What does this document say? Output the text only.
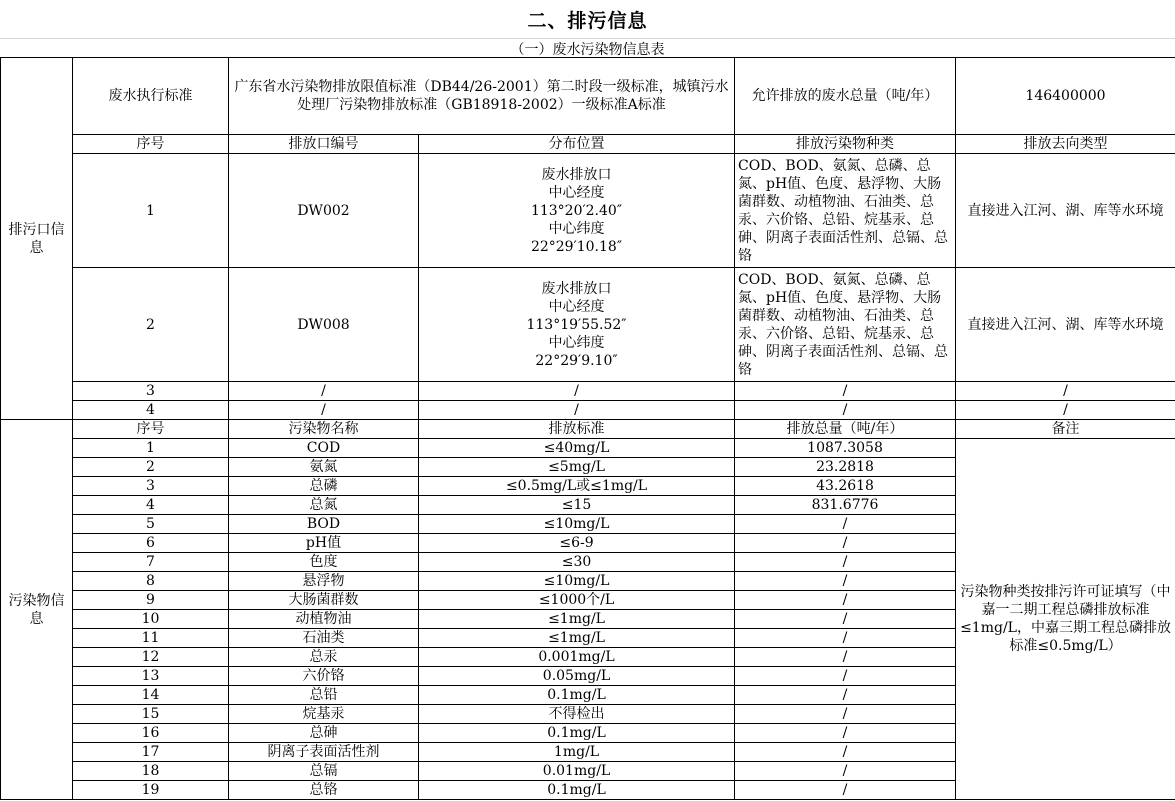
二、排污信息
（一）废水污染物信息表
排污口信息	废水执行标准	广东省水污染物排放限值标准（DB44/26-2001）第二时段一级标准，城镇污水处理厂污染物排放标准（GB18918-2002）一级标准A标准		允许排放的废水总量（吨/年）	146400000
	序号	排放口编号	分布位置	排放污染物种类	排放去向类型
	1	DW002	废水排放口
中心经度
113°20′2.40″
中心纬度
22°29′10.18″	COD、BOD、氨氮、总磷、总氮、pH值、色度、悬浮物、大肠菌群数、动植物油、石油类、总汞、六价铬、总铅、烷基汞、总砷、阴离子表面活性剂、总镉、总铬	直接进入江河、湖、库等水环境
	2	DW008	废水排放口
中心经度
113°19′55.52″
中心纬度
22°29′9.10″	COD、BOD、氨氮、总磷、总氮、pH值、色度、悬浮物、大肠菌群数、动植物油、石油类、总汞、六价铬、总铅、烷基汞、总砷、阴离子表面活性剂、总镉、总铬	直接进入江河、湖、库等水环境
	3	/	/	/	/
	4	/	/	/	/
污染物信息	序号	污染物名称	排放标准	排放总量（吨/年）	备注
	1	COD	≤40mg/L	1087.3058	污染物种类按排污许可证填写（中嘉一二期工程总磷排放标准≤1mg/L，中嘉三期工程总磷排放标准≤0.5mg/L）
	2	氨氮	≤5mg/L	23.2818	
	3	总磷	≤0.5mg/L或≤1mg/L	43.2618	
	4	总氮	≤15	831.6776	
	5	BOD	≤10mg/L	/	
	6	pH值	≤6-9	/	
	7	色度	≤30	/	
	8	悬浮物	≤10mg/L	/	
	9	大肠菌群数	≤1000个/L	/	
	10	动植物油	≤1mg/L	/	
	11	石油类	≤1mg/L	/	
	12	总汞	0.001mg/L	/	
	13	六价铬	0.05mg/L	/	
	14	总铅	0.1mg/L	/	
	15	烷基汞	不得检出	/	
	16	总砷	0.1mg/L	/	
	17	阴离子表面活性剂	1mg/L	/	
	18	总镉	0.01mg/L	/	
	19	总铬	0.1mg/L	/	
